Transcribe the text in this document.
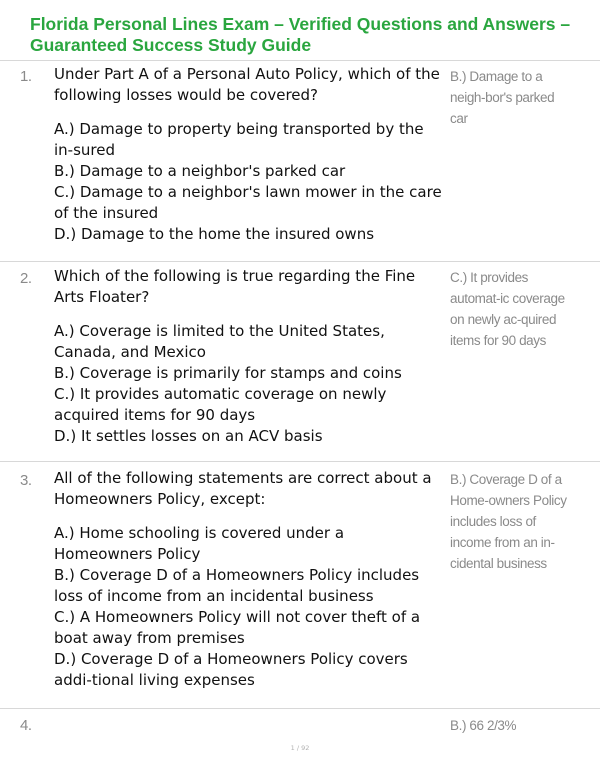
Florida Personal Lines Exam – Verified Questions and Answers – Guaranteed Success Study Guide
1. Under Part A of a Personal Auto Policy, which of the following losses would be covered?

A.) Damage to property being transported by the in-sured
B.) Damage to a neighbor's parked car
C.) Damage to a neighbor's lawn mower in the care of the insured
D.) Damage to the home the insured owns
B.) Damage to a neigh-bor's parked car
2. Which of the following is true regarding the Fine Arts Floater?

A.) Coverage is limited to the United States, Canada, and Mexico
B.) Coverage is primarily for stamps and coins
C.) It provides automatic coverage on newly acquired items for 90 days
D.) It settles losses on an ACV basis
C.) It provides automat-ic coverage on newly ac-quired items for 90 days
3. All of the following statements are correct about a Homeowners Policy, except:

A.) Home schooling is covered under a Homeowners Policy
B.) Coverage D of a Homeowners Policy includes loss of income from an incidental business
C.) A Homeowners Policy will not cover theft of a boat away from premises
D.) Coverage D of a Homeowners Policy covers addi-tional living expenses
B.) Coverage D of a Home-owners Policy includes loss of income from an in-cidental business
4.	B.) 66 2/3%
1 / 92
